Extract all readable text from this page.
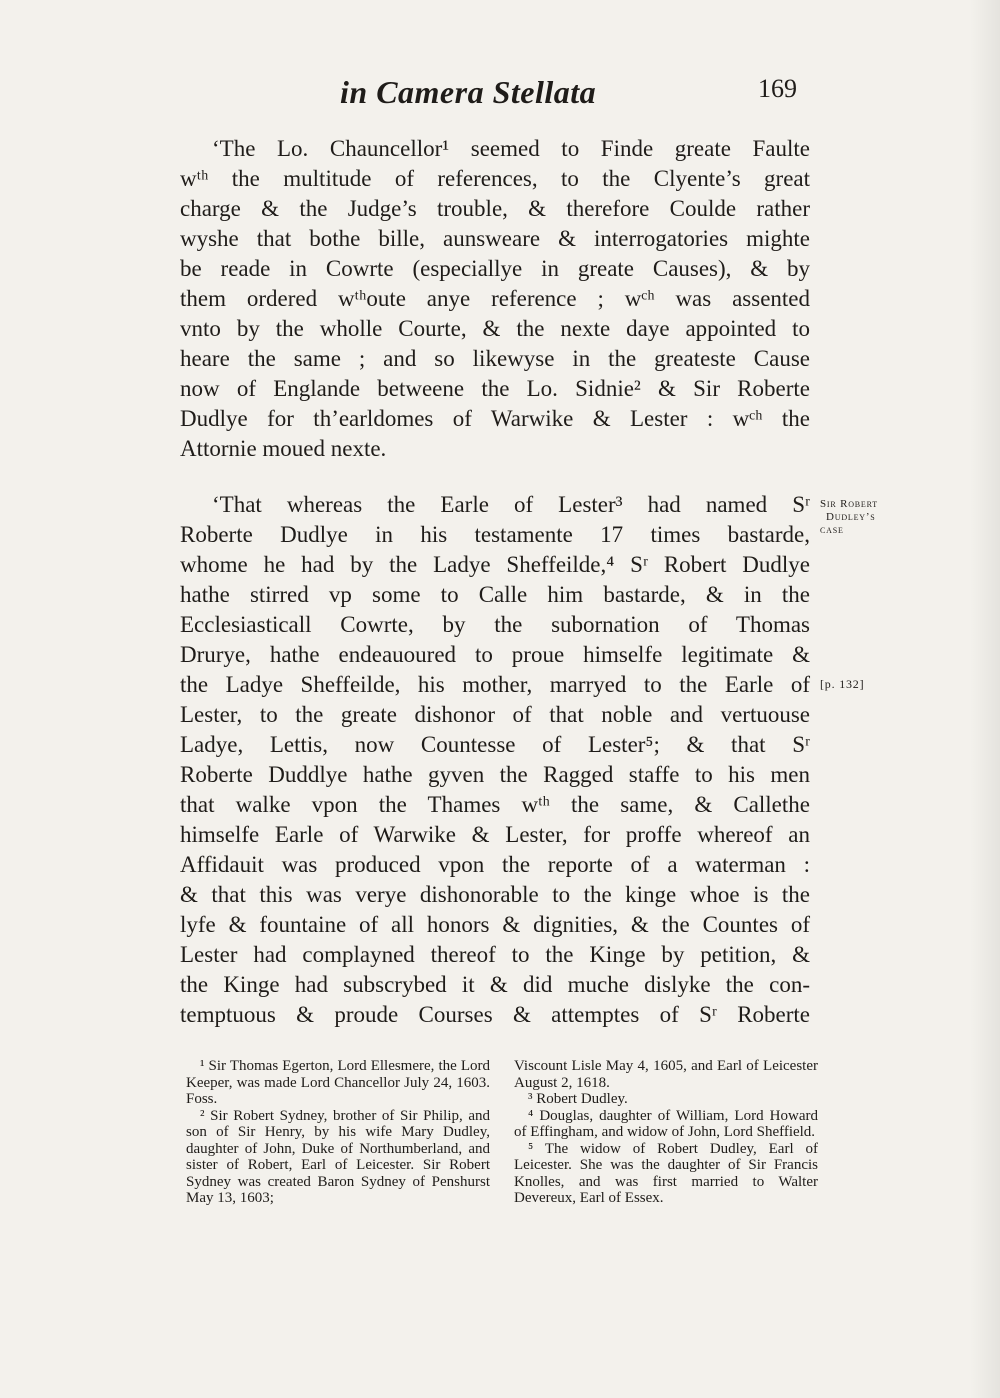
in Camera Stellata	169
‘The Lo. Chauncellor¹ seemed to Finde greate Faulte
wᵗʰ the multitude of references, to the Clyente’s great
charge & the Judge’s trouble, & therefore Coulde rather
wyshe that bothe bille, aunsweare & interrogatories mighte
be reade in Cowrte (especiallye in greate Causes), & by
them ordered wᵗʰoute anye reference ; wᶜʰ was assented
vnto by the wholle Courte, & the nexte daye appointed to
heare the same ; and so likewyse in the greateste Cause
now of Englande betweene the Lo. Sidnie² & Sir Roberte
Dudlye for th’earldomes of Warwike & Lester : wᶜʰ the
Attornie moued nexte.
‘That whereas the Earle of Lester³ had named Sʳ
Roberte Dudlye in his testamente 17 times bastarde,
whome he had by the Ladye Sheffeilde,⁴ Sʳ Robert Dudlye
hathe stirred vp some to Calle him bastarde, & in the
Ecclesiasticall Cowrte, by the subornation of Thomas
Drurye, hathe endeauoured to proue himselfe legitimate &
the Ladye Sheffeilde, his mother, marryed to the Earle of
Lester, to the greate dishonor of that noble and vertuouse
Ladye, Lettis, now Countesse of Lester⁵; & that Sʳ
Roberte Duddlye hathe gyven the Ragged staffe to his men
that walke vpon the Thames wᵗʰ the same, & Callethe
himselfe Earle of Warwike & Lester, for proffe whereof an
Affidauit was produced vpon the reporte of a waterman :
& that this was verye dishonorable to the kinge whoe is the
lyfe & fountaine of all honors & dignities, & the Countes of
Lester had complayned thereof to the Kinge by petition, &
the Kinge had subscrybed it & did muche dislyke the con-
temptuous & proude Courses & attemptes of Sʳ Roberte
Sir Robert
Dudley’s
case
[p. 132]

¹ Sir Thomas Egerton, Lord Ellesmere, the Lord Keeper, was made Lord Chancellor July 24, 1603. Foss.

² Sir Robert Sydney, brother of Sir Philip, and son of Sir Henry, by his wife Mary Dudley, daughter of John, Duke of Northumberland, and sister of Robert, Earl of Leicester. Sir Robert Sydney was created Baron Sydney of Penshurst May 13, 1603;

Viscount Lisle May 4, 1605, and Earl of Leicester August 2, 1618.

³ Robert Dudley.

⁴ Douglas, daughter of William, Lord Howard of Effingham, and widow of John, Lord Sheffield.

⁵ The widow of Robert Dudley, Earl of Leicester. She was the daughter of Sir Francis Knolles, and was first married to Walter Devereux, Earl of Essex.
